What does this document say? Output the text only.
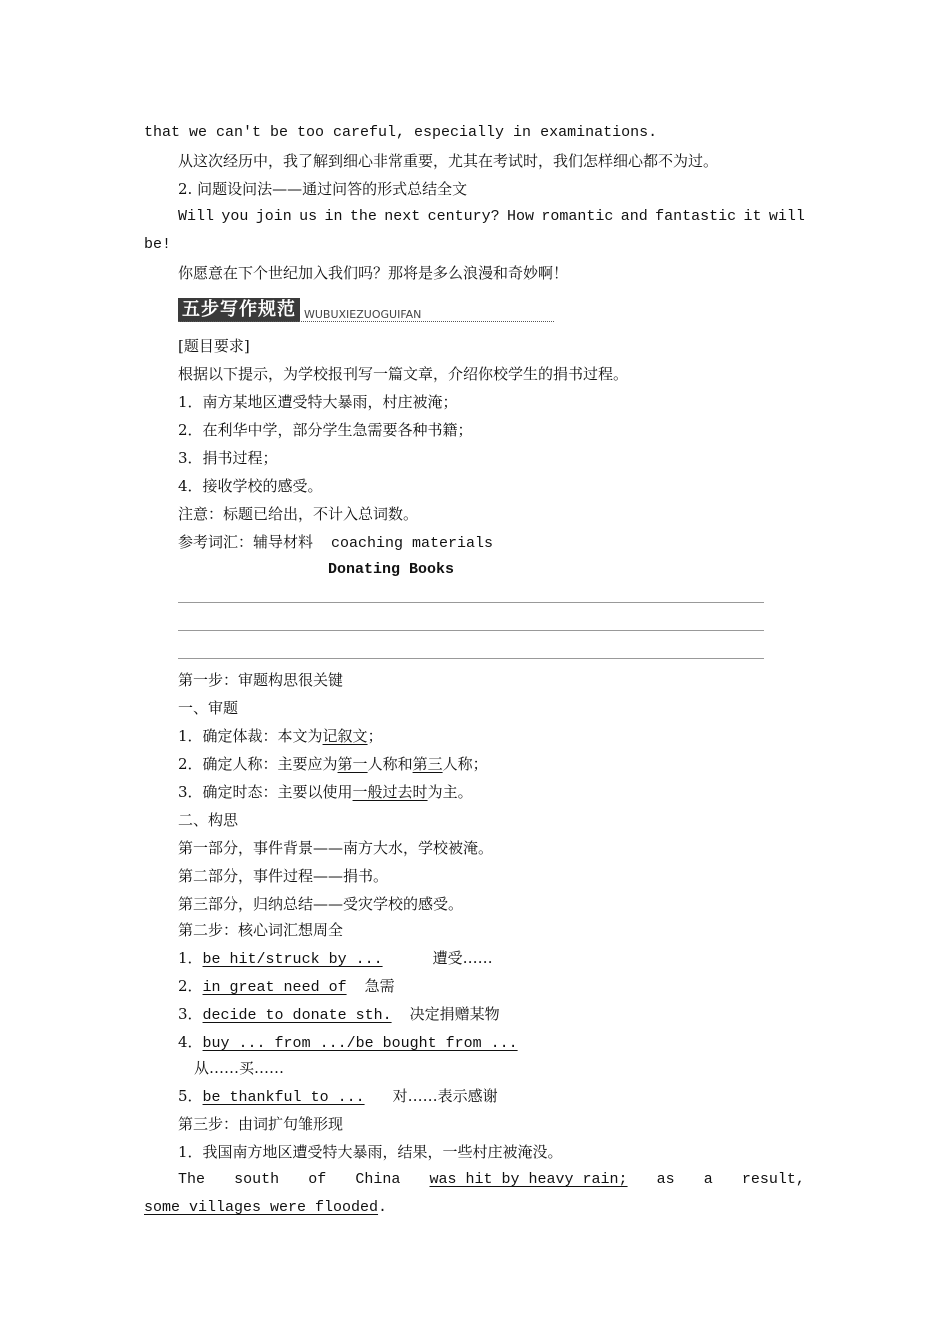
that we can't be too careful, especially in examinations.
从这次经历中，我了解到细心非常重要，尤其在考试时，我们怎样细心都不为过。
2. 问题设问法——通过问答的形式总结全文
Will you join us in the next century? How romantic and fantastic it will
be!
你愿意在下个世纪加入我们吗？那将是多么浪漫和奇妙啊！
五步写作规范 WUBUXIEZUOGUIFAN
[题目要求]
根据以下提示，为学校报刊写一篇文章，介绍你校学生的捐书过程。
1．南方某地区遭受特大暴雨，村庄被淹；
2．在利华中学，部分学生急需要各种书籍；
3．捐书过程；
4．接收学校的感受。
注意：标题已给出，不计入总词数。
参考词汇：辅导材料 coaching materials
Donating Books
第一步：审题构思很关键
一、审题
1．确定体裁：本文为记叙文；
2．确定人称：主要应为第一人称和第三人称；
3．确定时态：主要以使用一般过去时为主。
二、构思
第一部分，事件背景——南方大水，学校被淹。
第二部分，事件过程——捐书。
第三部分，归纳总结——受灾学校的感受。
第二步：核心词汇想周全
1．be hit/struck by ...	遭受……
2．in great need of 急需
3．decide to donate sth. 决定捐赠某物
4．buy ... from .../be bought from ...
从……买……
5．be thankful to ... 对……表示感谢
第三步：由词扩句雏形现
1．我国南方地区遭受特大暴雨，结果，一些村庄被淹没。
The south of China was hit by heavy rain; as a result,
some villages were flooded.
